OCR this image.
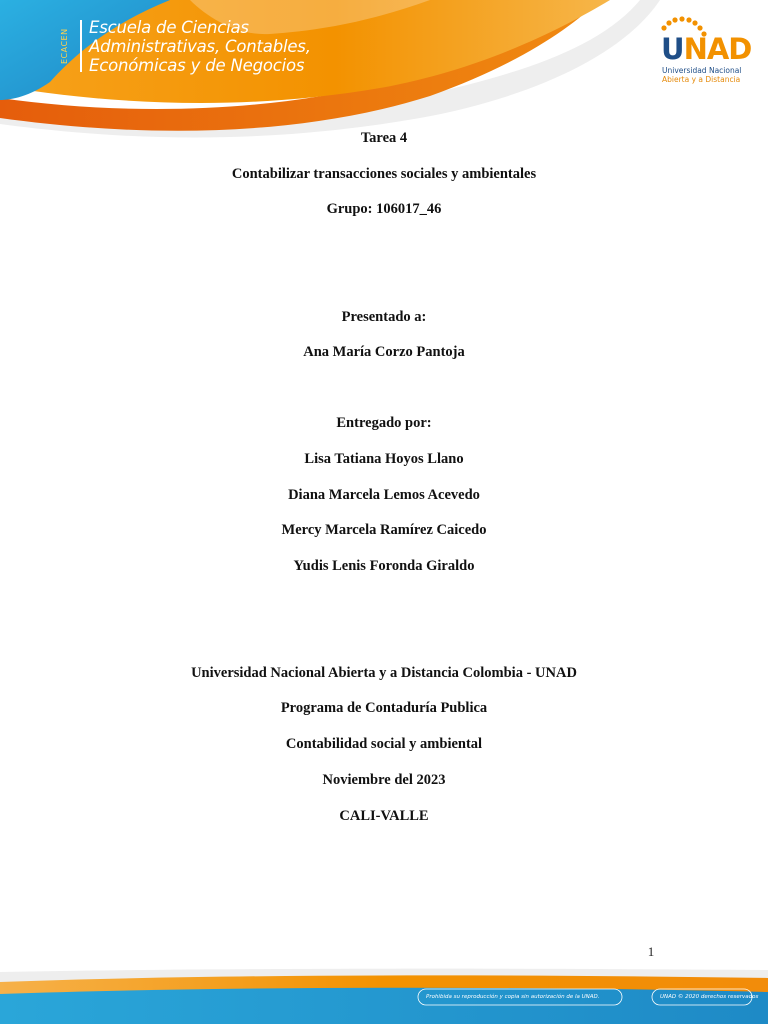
ECACEN
Escuela de Ciencias
Administrativas, Contables,
Económicas y de Negocios	UNAD
Universidad Nacional
Abierta y a Distancia
Tarea 4
Contabilizar transacciones sociales y ambientales
Grupo: 106017_46
Presentado a:
Ana María Corzo Pantoja
Entregado por:
Lisa Tatiana Hoyos Llano
Diana Marcela Lemos Acevedo
Mercy Marcela Ramírez Caicedo
Yudis Lenis Foronda Giraldo
Universidad Nacional Abierta y a Distancia Colombia - UNAD
Programa de Contaduría Publica
Contabilidad social y ambiental
Noviembre del 2023
CALI-VALLE
1
Prohibida su reproducción y copia sin autorización de la UNAD.	UNAD © 2020 derechos reservados
